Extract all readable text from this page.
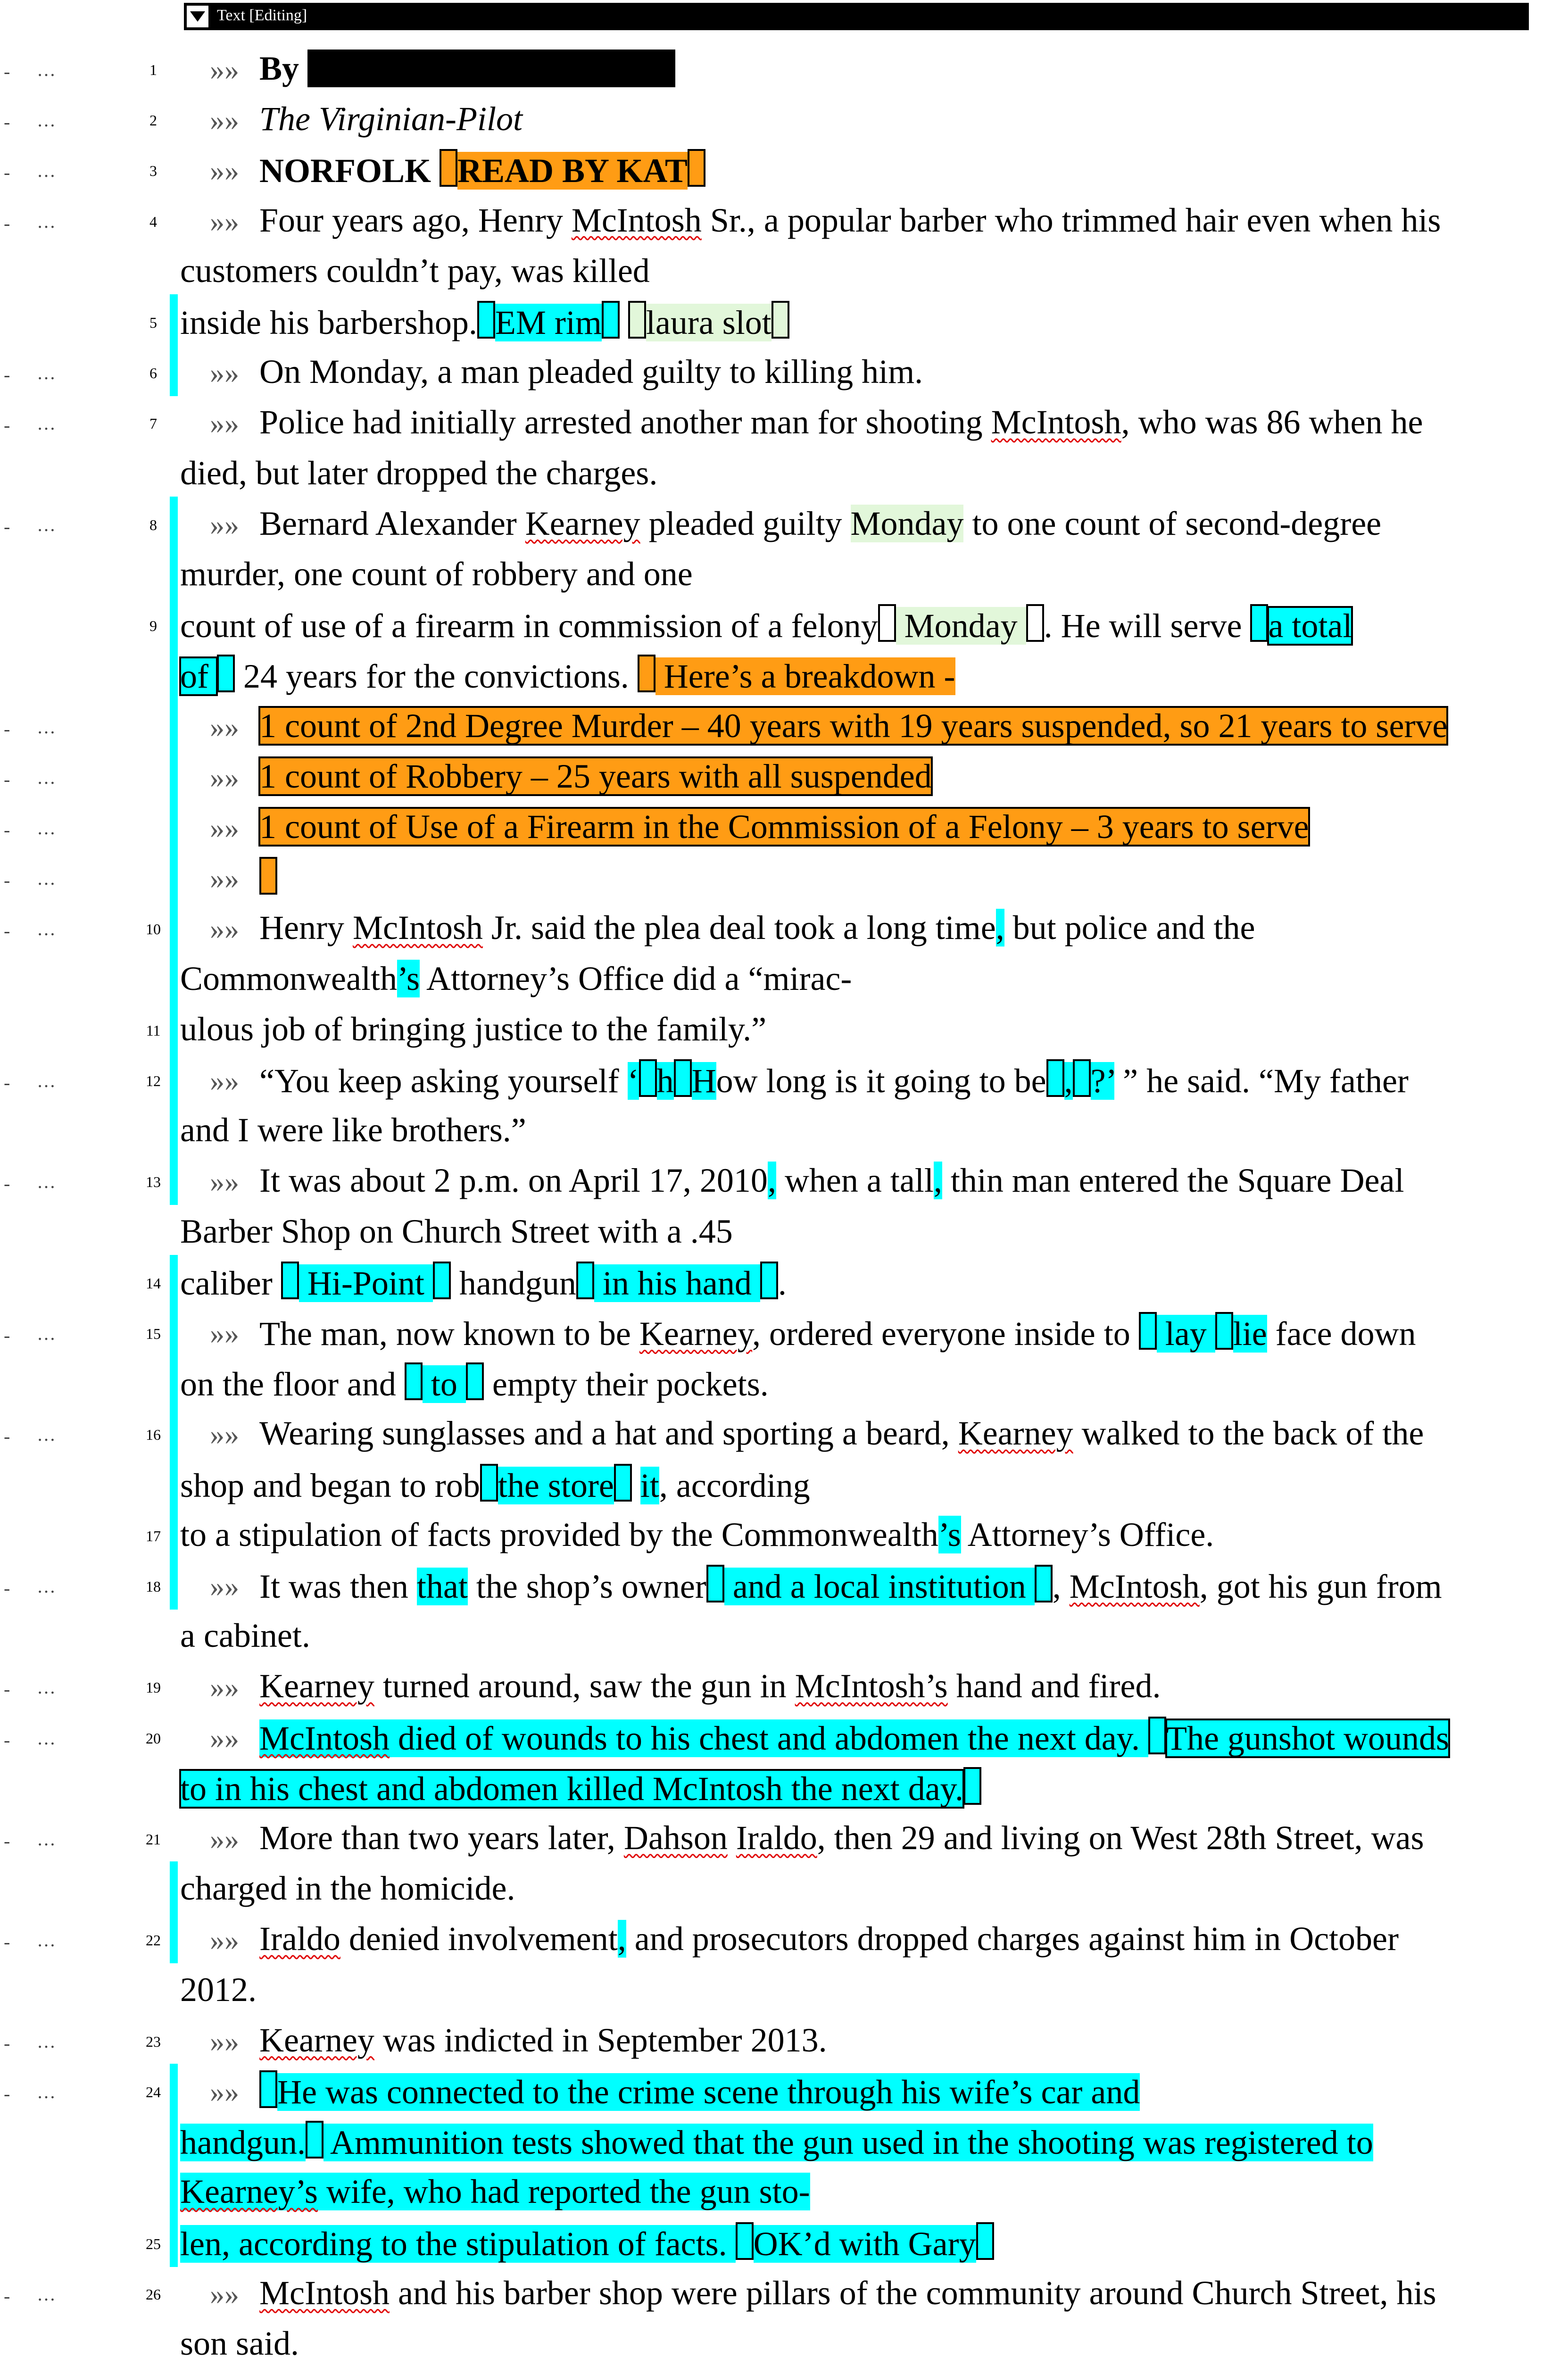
Text [Editing]
- …	1 »» By XXXXXXXXXXXXXXX
- …	2 »» The Virginian-Pilot
- …	3 »» NORFOLK READ BY KAT
- …	4 »» Four years ago, Henry McIntosh Sr., a popular barber who trimmed hair even when his
customers couldn’t pay, was killed
5 inside his barbershop. EM rim laura slot
- …	6 »» On Monday, a man pleaded guilty to killing him.
- …	7 »» Police had initially arrested another man for shooting McIntosh, who was 86 when he
died, but later dropped the charges.
- …	8 »» Bernard Alexander Kearney pleaded guilty Monday to one count of second-degree
murder, one count of robbery and one
9 count of use of a firearm in commission of a felony Monday . He will serve a total
of  24 years for the convictions.  Here’s a breakdown -
- …	»» 1 count of 2nd Degree Murder – 40 years with 19 years suspended, so 21 years to serve
- …	»» 1 count of Robbery – 25 years with all suspended
- …	»» 1 count of Use of a Firearm in the Commission of a Felony – 3 years to serve
- …	»»
- …	10 »» Henry McIntosh Jr. said the plea deal took a long time, but police and the
Commonwealth’s Attorney’s Office did a “mirac-
11 ulous job of bringing justice to the family.”
- …	12 »» “You keep asking yourself ‘ h How long is it going to be , ?’ ” he said. “My father
and I were like brothers.”
- …	13 »» It was about 2 p.m. on April 17, 2010, when a tall, thin man entered the Square Deal
Barber Shop on Church Street with a .45
14 caliber  Hi-Point  handgun in his hand .
- …	15 »» The man, now known to be Kearney, ordered everyone inside to  lay lie face down
on the floor and  to  empty their pockets.
- …	16 »» Wearing sunglasses and a hat and sporting a beard, Kearney walked to the back of the
shop and began to rob the store it, according
17 to a stipulation of facts provided by the Commonwealth’s Attorney’s Office.
- …	18 »» It was then that the shop’s owner and a local institution , McIntosh, got his gun from
a cabinet.
- …	19 »» Kearney turned around, saw the gun in McIntosh’s hand and fired.
- …	20 »» McIntosh died of wounds to his chest and abdomen the next day. The gunshot wounds
to in his chest and abdomen killed McIntosh the next day.
- …	21 »» More than two years later, Dahson Iraldo, then 29 and living on West 28th Street, was
charged in the homicide.
- …	22 »» Iraldo denied involvement, and prosecutors dropped charges against him in October
2012.
- …	23 »» Kearney was indicted in September 2013.
- …	24 »»	He was connected to the crime scene through his wife’s car and
handgun. Ammunition tests showed that the gun used in the shooting was registered to
Kearney’s wife, who had reported the gun sto-
25 len, according to the stipulation of facts. OK’d with Gary
- …	26 »» McIntosh and his barber shop were pillars of the community around Church Street, his
son said.
